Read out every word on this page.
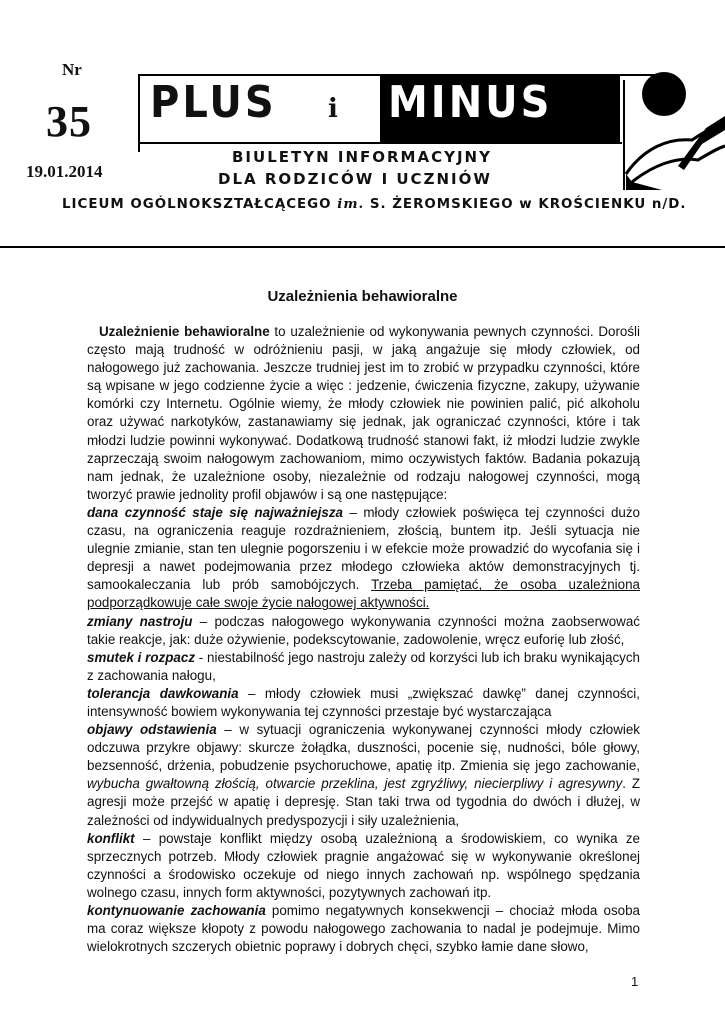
Nr
35
19.01.2014
PLUS i MINUS
BIULETYN INFORMACYJNY
DLA RODZICÓW I UCZNIÓW
LICEUM OGÓLNOKSZTAŁCĄCEGO im. S. ŻEROMSKIEGO w KROŚCIENKU n/D.
Uzależnienia behawioralne

Uzależnienie behawioralne to uzależnienie od wykonywania pewnych czynności. Dorośli często mają trudność w odróżnieniu pasji, w jaką angażuje się młody człowiek, od nałogowego już zachowania. Jeszcze trudniej jest im to zrobić w przypadku czynności, które są wpisane w jego codzienne życie a więc : jedzenie, ćwiczenia fizyczne, zakupy, używanie komórki czy Internetu. Ogólnie wiemy, że młody człowiek nie powinien palić, pić alkoholu oraz używać narkotyków, zastanawiamy się jednak, jak ograniczać czynności, które i tak młodzi ludzie powinni wykonywać. Dodatkową trudność stanowi fakt, iż młodzi ludzie zwykle zaprzeczają swoim nałogowym zachowaniom, mimo oczywistych faktów. Badania pokazują nam jednak, że uzależnione osoby, niezależnie od rodzaju nałogowej czynności, mogą tworzyć prawie jednolity profil objawów i są one następujące:

dana czynność staje się najważniejsza – młody człowiek poświęca tej czynności dużo czasu, na ograniczenia reaguje rozdrażnieniem, złością, buntem itp. Jeśli sytuacja nie ulegnie zmianie, stan ten ulegnie pogorszeniu i w efekcie może prowadzić do wycofania się i depresji a nawet podejmowania przez młodego człowieka aktów demonstracyjnych tj. samookaleczania lub prób samobójczych. Trzeba pamiętać, że osoba uzależniona podporządkowuje całe swoje życie nałogowej aktywności.

zmiany nastroju – podczas nałogowego wykonywania czynności można zaobserwować takie reakcje, jak: duże ożywienie, podekscytowanie, zadowolenie, wręcz euforię lub złość,

smutek i rozpacz - niestabilność jego nastroju zależy od korzyści lub ich braku wynikających z zachowania nałogu,

tolerancja dawkowania – młody człowiek musi „zwiększać dawkę” danej czynności, intensywność bowiem wykonywania tej czynności przestaje być wystarczająca

objawy odstawienia – w sytuacji ograniczenia wykonywanej czynności młody człowiek odczuwa przykre objawy: skurcze żołądka, duszności, pocenie się, nudności, bóle głowy, bezsenność, drżenia, pobudzenie psychoruchowe, apatię itp. Zmienia się jego zachowanie, wybucha gwałtowną złością, otwarcie przeklina, jest zgryźliwy, niecierpliwy i agresywny. Z agresji może przejść w apatię i depresję. Stan taki trwa od tygodnia do dwóch i dłużej, w zależności od indywidualnych predyspozycji i siły uzależnienia,

konflikt – powstaje konflikt między osobą uzależnioną a środowiskiem, co wynika ze sprzecznych potrzeb. Młody człowiek pragnie angażować się w wykonywanie określonej czynności a środowisko oczekuje od niego innych zachowań np. wspólnego spędzania wolnego czasu, innych form aktywności, pozytywnych zachowań itp.

kontynuowanie zachowania pomimo negatywnych konsekwencji – chociaż młoda osoba ma coraz większe kłopoty z powodu nałogowego zachowania to nadal je podejmuje. Mimo wielokrotnych szczerych obietnic poprawy i dobrych chęci, szybko łamie dane słowo,

1
